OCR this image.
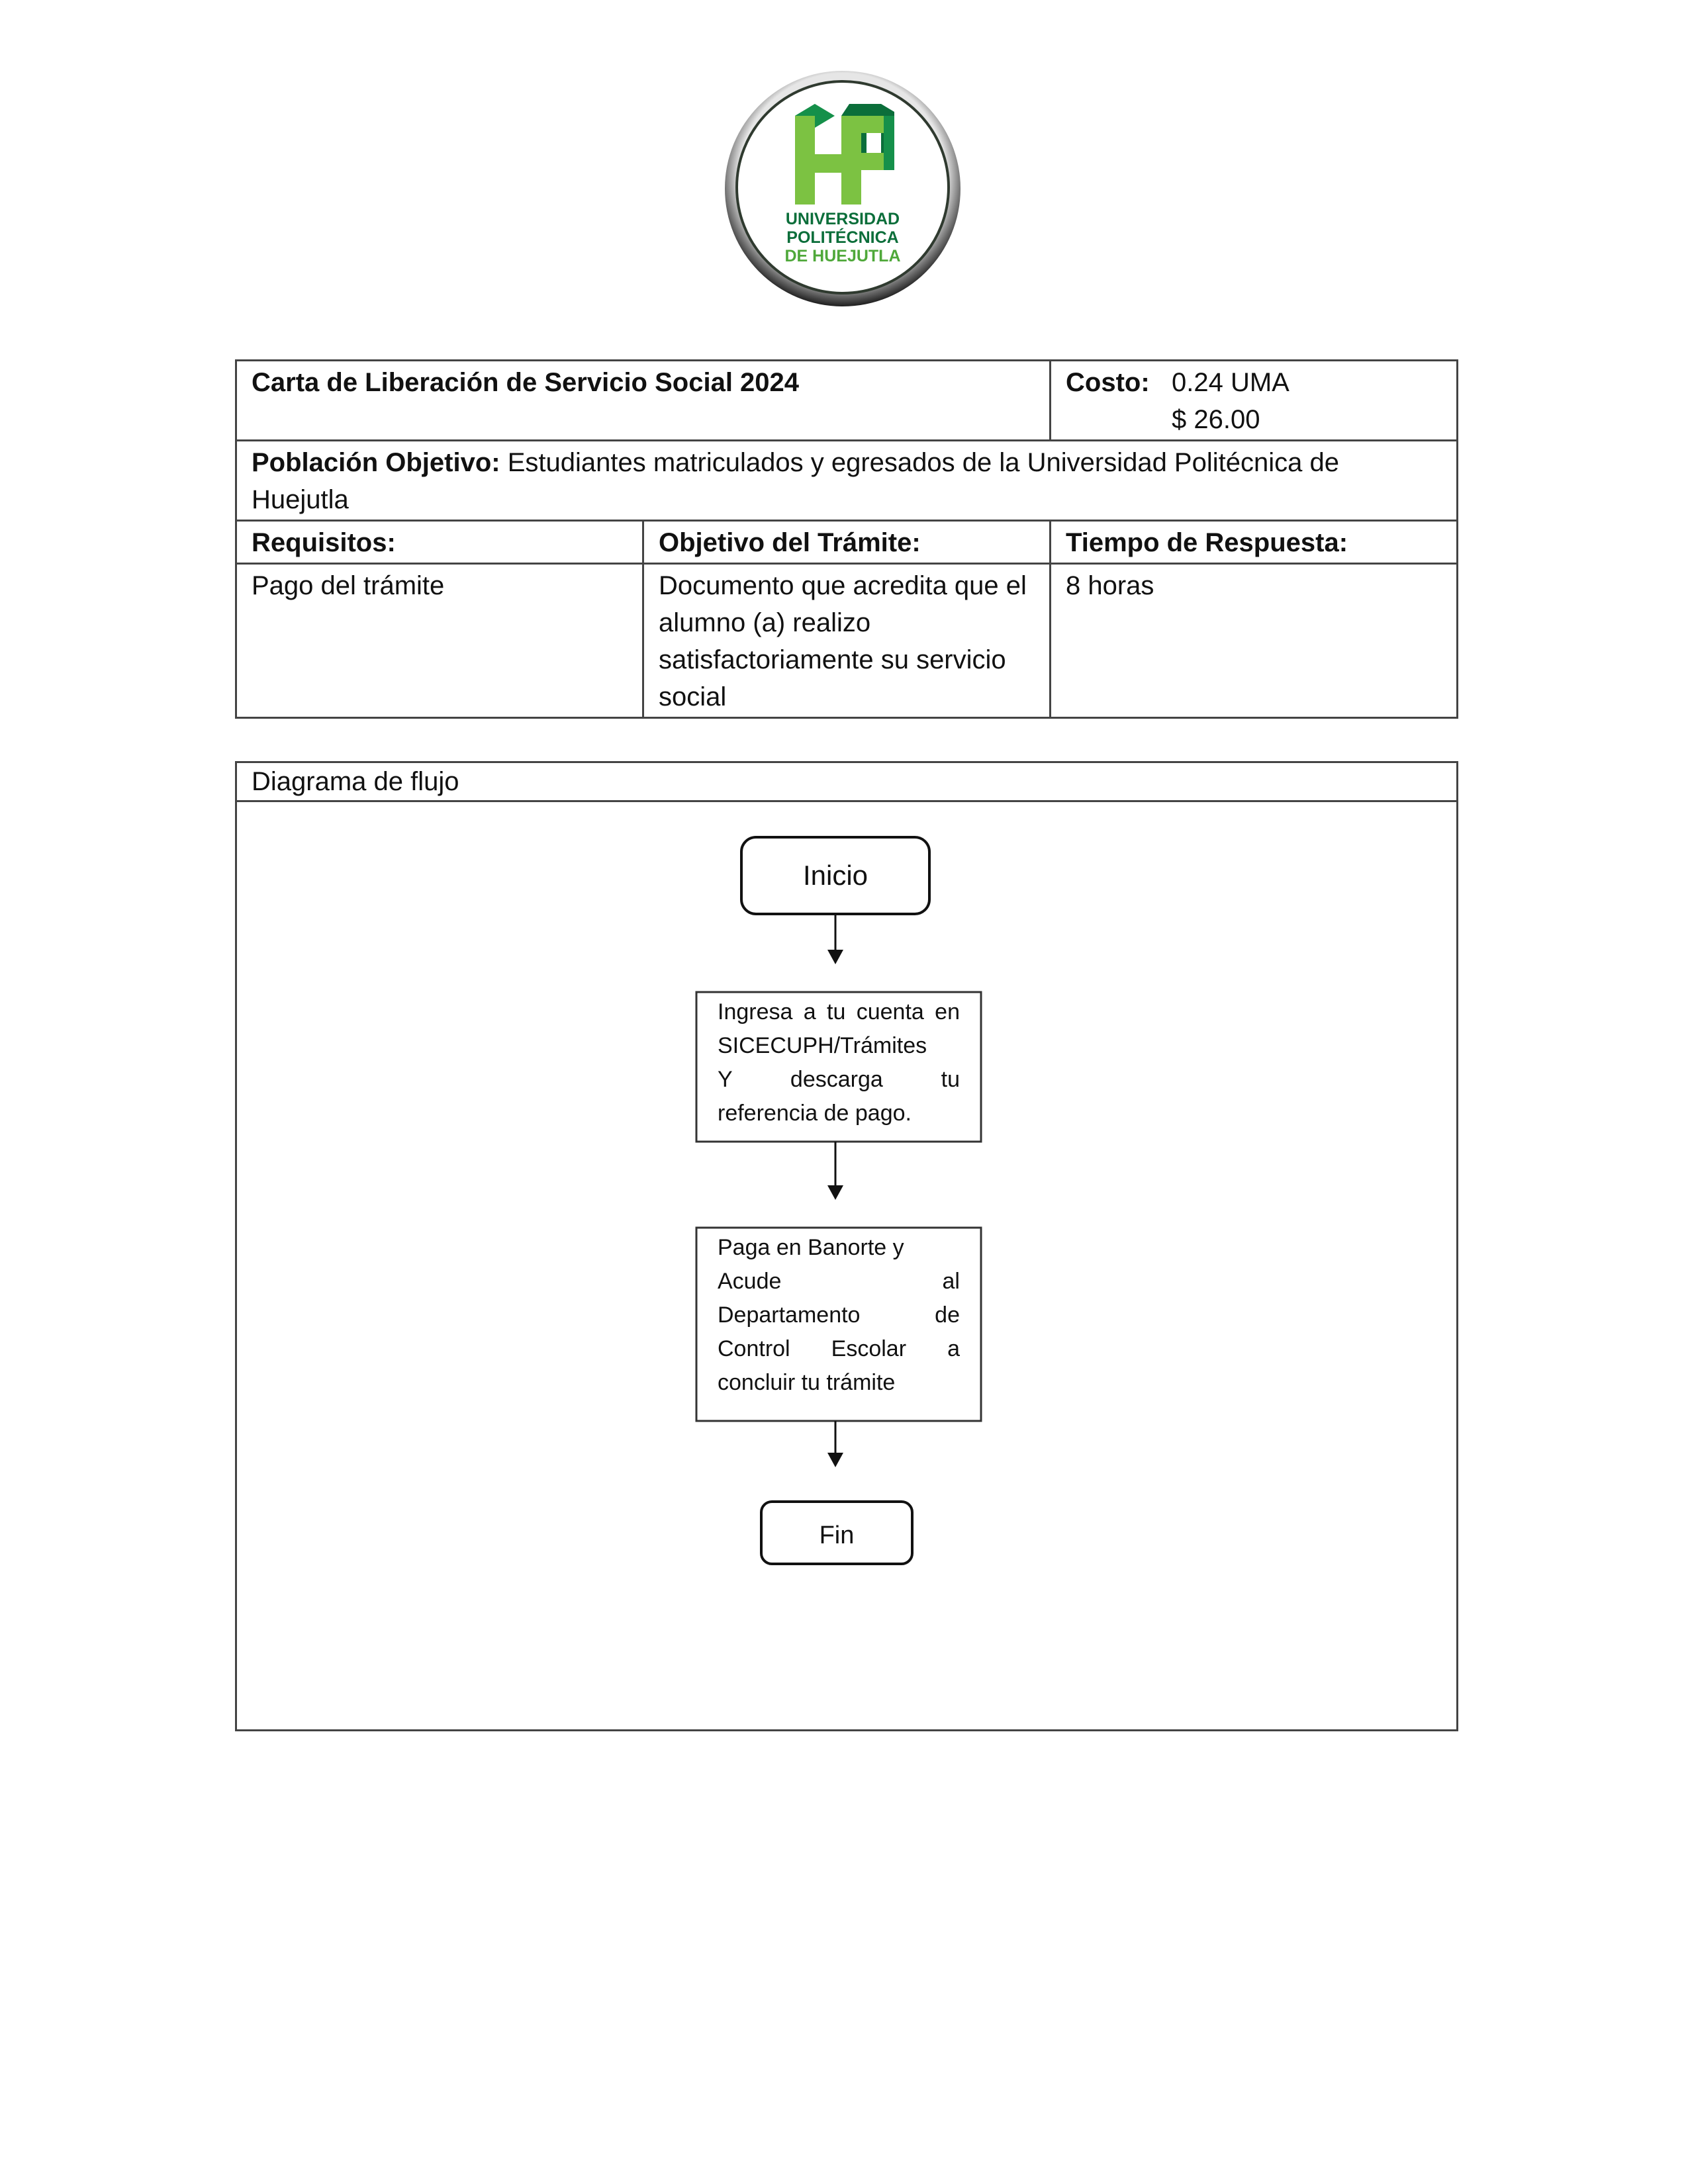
UNIVERSIDAD
POLITÉCNICA
DE HUEJUTLA
Carta de Liberación de Servicio Social 2024		Costo: 0.24 UMA
$ 26.00

Población Objetivo: Estudiantes matriculados y egresados de la Universidad Politécnica de Huejutla		
Requisitos:	Objetivo del Trámite:	Tiempo de Respuesta:
Pago del trámite	Documento que acredita que el alumno (a) realizo satisfactoriamente su servicio social	8 horas
Diagrama de flujo
Inicio
Ingresa a tu cuenta en
SICECUPH/Trámites
Y descarga tu
referencia de pago.
Paga en Banorte y
Acude al
Departamento de
Control Escolar a
concluir tu trámite
Fin
